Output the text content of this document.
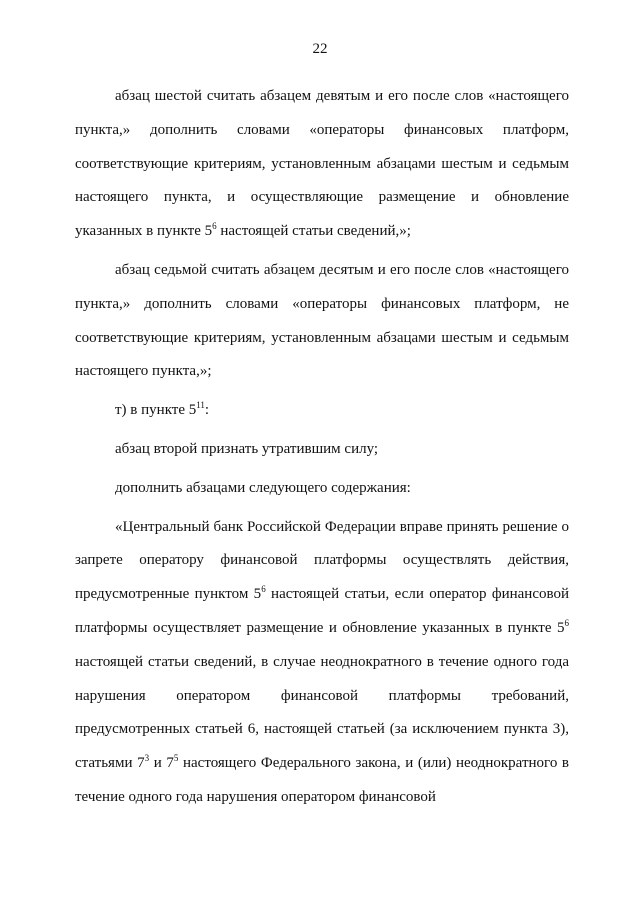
22

абзац шестой считать абзацем девятым и его после слов «настоящего пункта,» дополнить словами «операторы финансовых платформ, соответствующие критериям, установленным абзацами шестым и седьмым настоящего пункта, и осуществляющие размещение и обновление указанных в пункте $5^6$ настоящей статьи сведений,»;

абзац седьмой считать абзацем десятым и его после слов «настоящего пункта,» дополнить словами «операторы финансовых платформ, не соответствующие критериям, установленным абзацами шестым и седьмым настоящего пункта,»;

т) в пункте $5^{11}$:

абзац второй признать утратившим силу;

дополнить абзацами следующего содержания:

«Центральный банк Российской Федерации вправе принять решение о запрете оператору финансовой платформы осуществлять действия, предусмотренные пунктом $5^6$ настоящей статьи, если оператор финансовой платформы осуществляет размещение и обновление указанных в пункте $5^6$ настоящей статьи сведений, в случае неоднократного в течение одного года нарушения оператором финансовой платформы требований, предусмотренных статьей 6, настоящей статьей (за исключением пункта 3), статьями $7^3$ и $7^5$ настоящего Федерального закона, и (или) неоднократного в течение одного года нарушения оператором финансовой
